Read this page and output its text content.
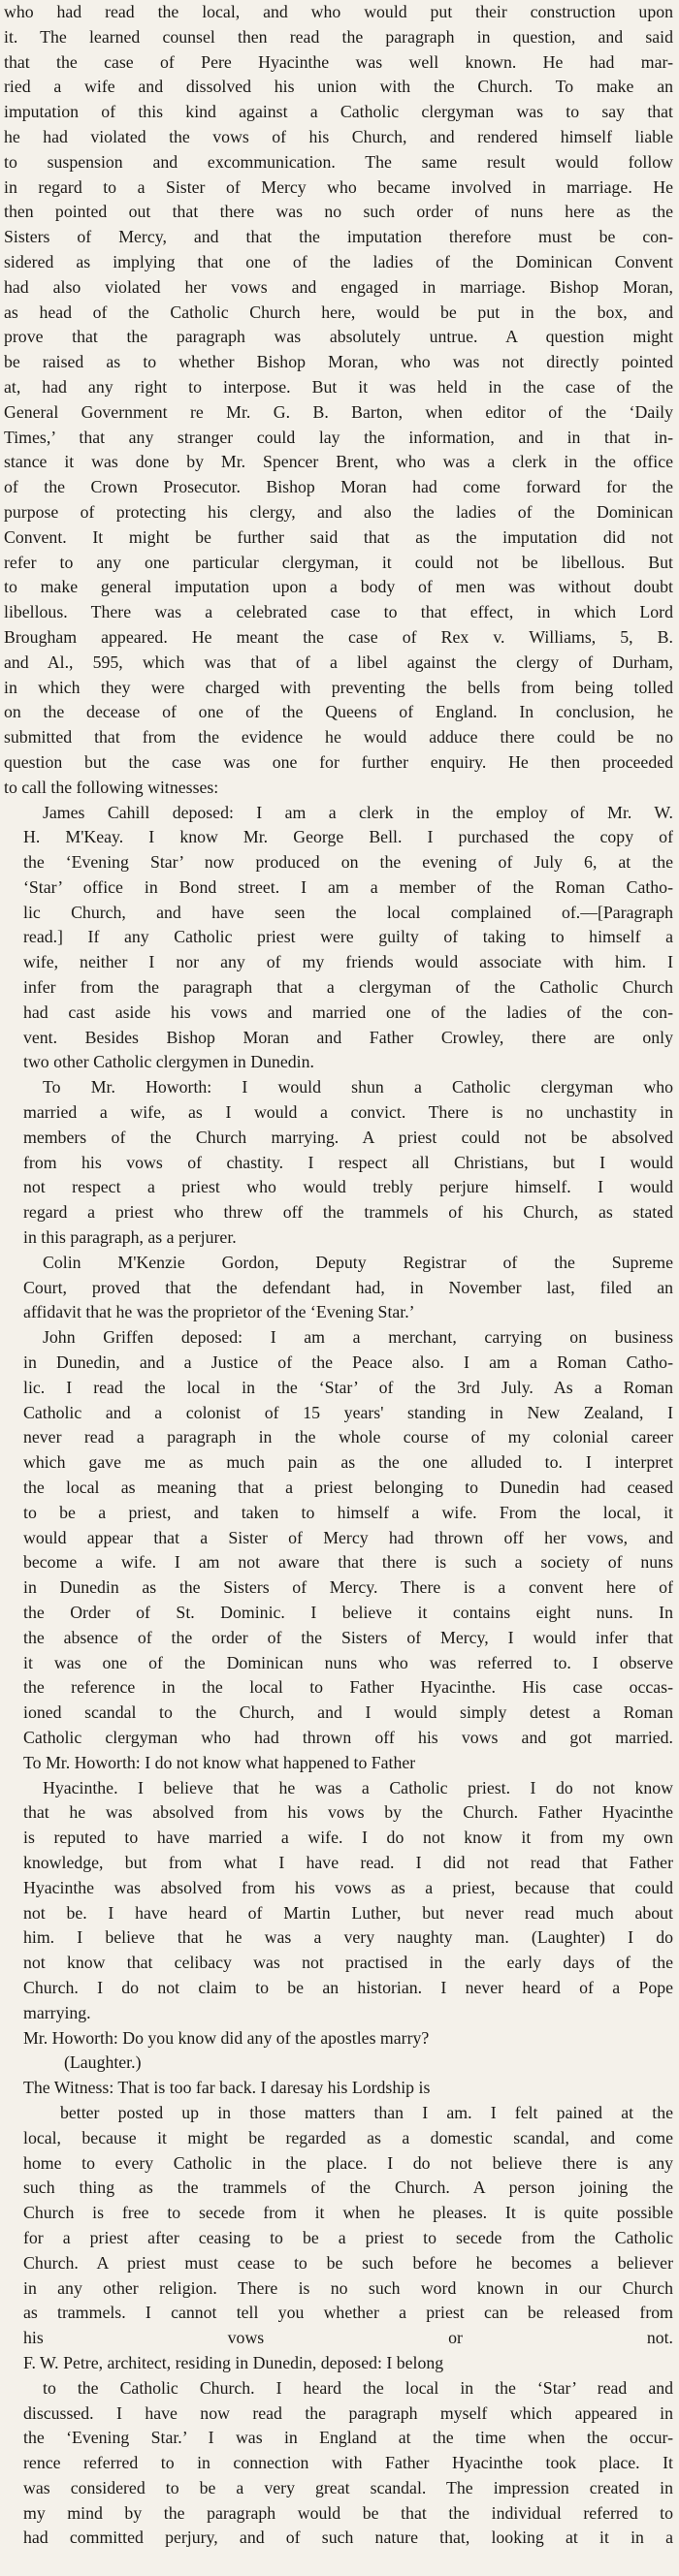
who had read the local, and who would put their construction upon
it. The learned counsel then read the paragraph in question, and said
that the case of Pere Hyacinthe was well known. He had mar-
ried a wife and dissolved his union with the Church. To make an
imputation of this kind against a Catholic clergyman was to say that
he had violated the vows of his Church, and rendered himself liable
to suspension and excommunication. The same result would follow
in regard to a Sister of Mercy who became involved in marriage. He
then pointed out that there was no such order of nuns here as the
Sisters of Mercy, and that the imputation therefore must be con-
sidered as implying that one of the ladies of the Dominican Convent
had also violated her vows and engaged in marriage. Bishop Moran,
as head of the Catholic Church here, would be put in the box, and
prove that the paragraph was absolutely untrue. A question might
be raised as to whether Bishop Moran, who was not directly pointed
at, had any right to interpose. But it was held in the case of the
General Government re Mr. G. B. Barton, when editor of the ‘Daily
Times,’ that any stranger could lay the information, and in that in-
stance it was done by Mr. Spencer Brent, who was a clerk in the office
of the Crown Prosecutor. Bishop Moran had come forward for the
purpose of protecting his clergy, and also the ladies of the Dominican
Convent. It might be further said that as the imputation did not
refer to any one particular clergyman, it could not be libellous. But
to make general imputation upon a body of men was without doubt
libellous. There was a celebrated case to that effect, in which Lord
Brougham appeared. He meant the case of Rex v. Williams, 5, B.
and Al., 595, which was that of a libel against the clergy of Durham,
in which they were charged with preventing the bells from being tolled
on the decease of one of the Queens of England. In conclusion, he
submitted that from the evidence he would adduce there could be no
question but the case was one for further enquiry. He then proceeded
to call the following witnesses:
James Cahill deposed: I am a clerk in the employ of Mr. W.
H. M'Keay. I know Mr. George Bell. I purchased the copy of
the ‘Evening Star’ now produced on the evening of July 6, at the
‘Star’ office in Bond street. I am a member of the Roman Catho-
lic Church, and have seen the local complained of.—[Paragraph
read.] If any Catholic priest were guilty of taking to himself a
wife, neither I nor any of my friends would associate with him. I
infer from the paragraph that a clergyman of the Catholic Church
had cast aside his vows and married one of the ladies of the con-
vent. Besides Bishop Moran and Father Crowley, there are only
two other Catholic clergymen in Dunedin.
To Mr. Howorth: I would shun a Catholic clergyman who
married a wife, as I would a convict. There is no unchastity in
members of the Church marrying. A priest could not be absolved
from his vows of chastity. I respect all Christians, but I would
not respect a priest who would trebly perjure himself. I would
regard a priest who threw off the trammels of his Church, as stated
in this paragraph, as a perjurer.
Colin M'Kenzie Gordon, Deputy Registrar of the Supreme
Court, proved that the defendant had, in November last, filed an
affidavit that he was the proprietor of the ‘Evening Star.’
John Griffen deposed: I am a merchant, carrying on business
in Dunedin, and a Justice of the Peace also. I am a Roman Catho-
lic. I read the local in the ‘Star’ of the 3rd July. As a Roman
Catholic and a colonist of 15 years' standing in New Zealand, I
never read a paragraph in the whole course of my colonial career
which gave me as much pain as the one alluded to. I interpret
the local as meaning that a priest belonging to Dunedin had ceased
to be a priest, and taken to himself a wife. From the local, it
would appear that a Sister of Mercy had thrown off her vows, and
become a wife. I am not aware that there is such a society of nuns
in Dunedin as the Sisters of Mercy. There is a convent here of
the Order of St. Dominic. I believe it contains eight nuns. In
the absence of the order of the Sisters of Mercy, I would infer that
it was one of the Dominican nuns who was referred to. I observe
the reference in the local to Father Hyacinthe. His case occas-
ioned scandal to the Church, and I would simply detest a Roman
Catholic clergyman who had thrown off his vows and got married.
To Mr. Howorth: I do not know what happened to Father
Hyacinthe. I believe that he was a Catholic priest. I do not know
that he was absolved from his vows by the Church. Father Hyacinthe
is reputed to have married a wife. I do not know it from my own
knowledge, but from what I have read. I did not read that Father
Hyacinthe was absolved from his vows as a priest, because that could
not be. I have heard of Martin Luther, but never read much about
him. I believe that he was a very naughty man. (Laughter) I do
not know that celibacy was not practised in the early days of the
Church. I do not claim to be an historian. I never heard of a Pope
marrying.
Mr. Howorth: Do you know did any of the apostles marry?
(Laughter.)
The Witness: That is too far back. I daresay his Lordship is
better posted up in those matters than I am. I felt pained at the
local, because it might be regarded as a domestic scandal, and come
home to every Catholic in the place. I do not believe there is any
such thing as the trammels of the Church. A person joining the
Church is free to secede from it when he pleases. It is quite possible
for a priest after ceasing to be a priest to secede from the Catholic
Church. A priest must cease to be such before he becomes a believer
in any other religion. There is no such word known in our Church
as trammels. I cannot tell you whether a priest can be released from
his vows or not.
F. W. Petre, architect, residing in Dunedin, deposed: I belong
to the Catholic Church. I heard the local in the ‘Star’ read and
discussed. I have now read the paragraph myself which appeared in
the ‘Evening Star.’ I was in England at the time when the occur-
rence referred to in connection with Father Hyacinthe took place. It
was considered to be a very great scandal. The impression created in
my mind by the paragraph would be that the individual referred to
had committed perjury, and of such nature that, looking at it in a
